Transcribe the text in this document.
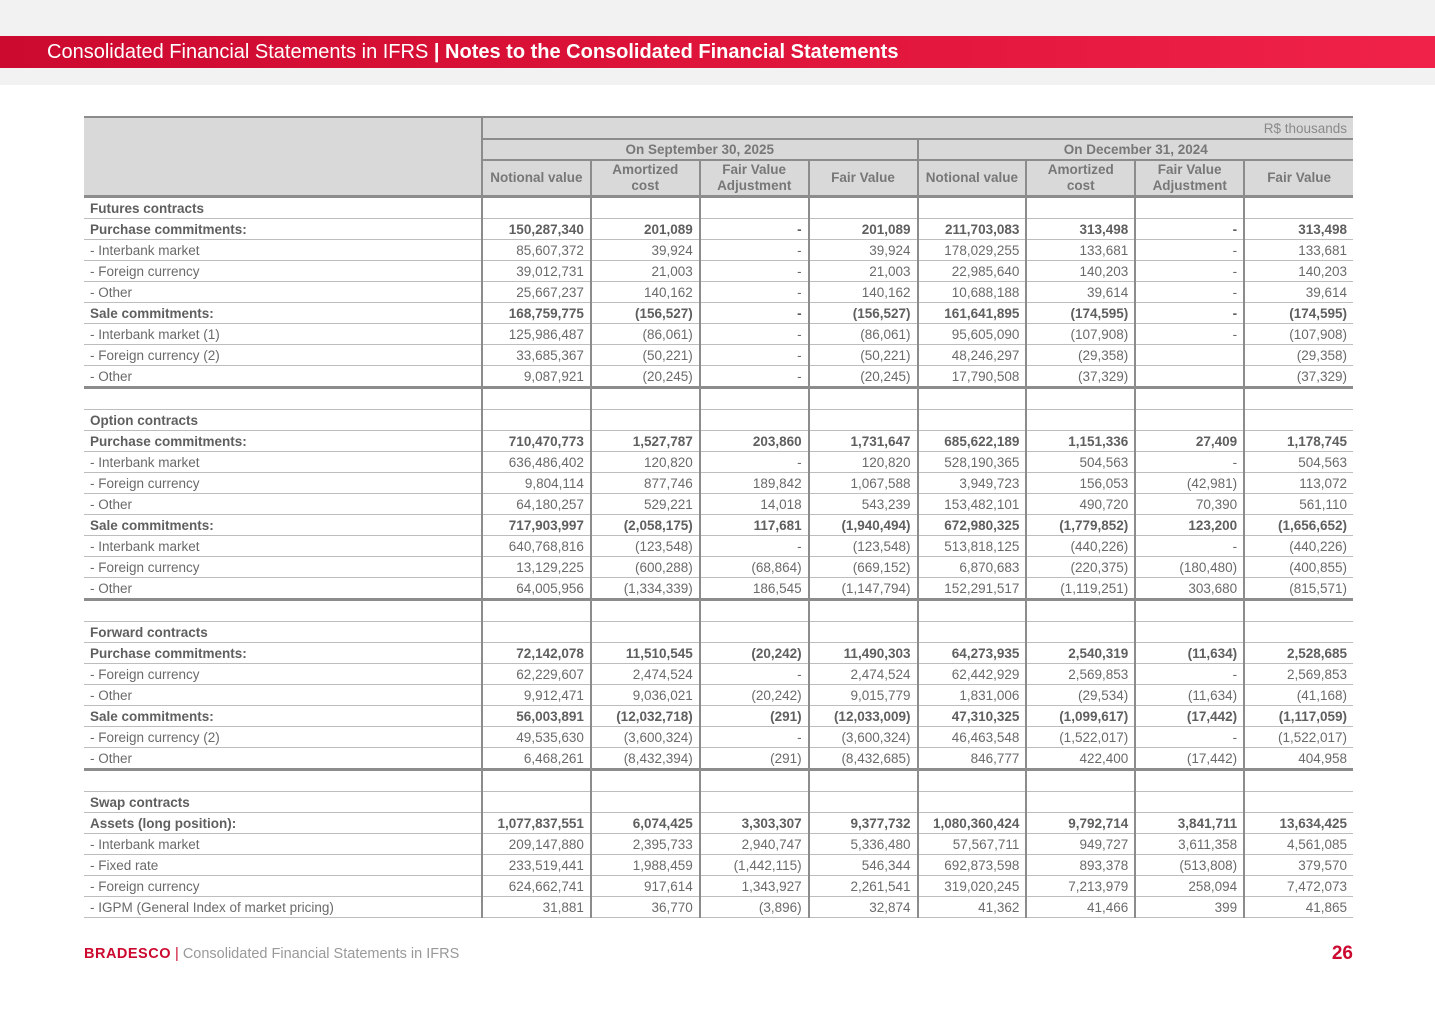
Consolidated Financial Statements in IFRS | Notes to the Consolidated Financial Statements
	R$ thousands							
	On September 30, 2025				On December 31, 2024			
	Notional value	Amortized cost	Fair Value Adjustment	Fair Value	Notional value	Amortized cost	Fair Value Adjustment	Fair Value
Futures contracts								
Purchase commitments:	150,287,340	201,089	-	201,089	211,703,083	313,498	-	313,498
- Interbank market	85,607,372	39,924	-	39,924	178,029,255	133,681	-	133,681
- Foreign currency	39,012,731	21,003	-	21,003	22,985,640	140,203	-	140,203
- Other	25,667,237	140,162	-	140,162	10,688,188	39,614	-	39,614
Sale commitments:	168,759,775	(156,527)	-	(156,527)	161,641,895	(174,595)	-	(174,595)
- Interbank market (1)	125,986,487	(86,061)	-	(86,061)	95,605,090	(107,908)	-	(107,908)
- Foreign currency (2)	33,685,367	(50,221)	-	(50,221)	48,246,297	(29,358)		(29,358)
- Other	9,087,921	(20,245)	-	(20,245)	17,790,508	(37,329)		(37,329)

Option contracts								
Purchase commitments:	710,470,773	1,527,787	203,860	1,731,647	685,622,189	1,151,336	27,409	1,178,745
- Interbank market	636,486,402	120,820	-	120,820	528,190,365	504,563	-	504,563
- Foreign currency	9,804,114	877,746	189,842	1,067,588	3,949,723	156,053	(42,981)	113,072
- Other	64,180,257	529,221	14,018	543,239	153,482,101	490,720	70,390	561,110
Sale commitments:	717,903,997	(2,058,175)	117,681	(1,940,494)	672,980,325	(1,779,852)	123,200	(1,656,652)
- Interbank market	640,768,816	(123,548)	-	(123,548)	513,818,125	(440,226)	-	(440,226)
- Foreign currency	13,129,225	(600,288)	(68,864)	(669,152)	6,870,683	(220,375)	(180,480)	(400,855)
- Other	64,005,956	(1,334,339)	186,545	(1,147,794)	152,291,517	(1,119,251)	303,680	(815,571)

Forward contracts								
Purchase commitments:	72,142,078	11,510,545	(20,242)	11,490,303	64,273,935	2,540,319	(11,634)	2,528,685
- Foreign currency	62,229,607	2,474,524	-	2,474,524	62,442,929	2,569,853	-	2,569,853
- Other	9,912,471	9,036,021	(20,242)	9,015,779	1,831,006	(29,534)	(11,634)	(41,168)
Sale commitments:	56,003,891	(12,032,718)	(291)	(12,033,009)	47,310,325	(1,099,617)	(17,442)	(1,117,059)
- Foreign currency (2)	49,535,630	(3,600,324)	-	(3,600,324)	46,463,548	(1,522,017)	-	(1,522,017)
- Other	6,468,261	(8,432,394)	(291)	(8,432,685)	846,777	422,400	(17,442)	404,958

Swap contracts								
Assets (long position):	1,077,837,551	6,074,425	3,303,307	9,377,732	1,080,360,424	9,792,714	3,841,711	13,634,425
- Interbank market	209,147,880	2,395,733	2,940,747	5,336,480	57,567,711	949,727	3,611,358	4,561,085
- Fixed rate	233,519,441	1,988,459	(1,442,115)	546,344	692,873,598	893,378	(513,808)	379,570
- Foreign currency	624,662,741	917,614	1,343,927	2,261,541	319,020,245	7,213,979	258,094	7,472,073
- IGPM (General Index of market pricing)	31,881	36,770	(3,896)	32,874	41,362	41,466	399	41,865
BRADESCO | Consolidated Financial Statements in IFRS	26
